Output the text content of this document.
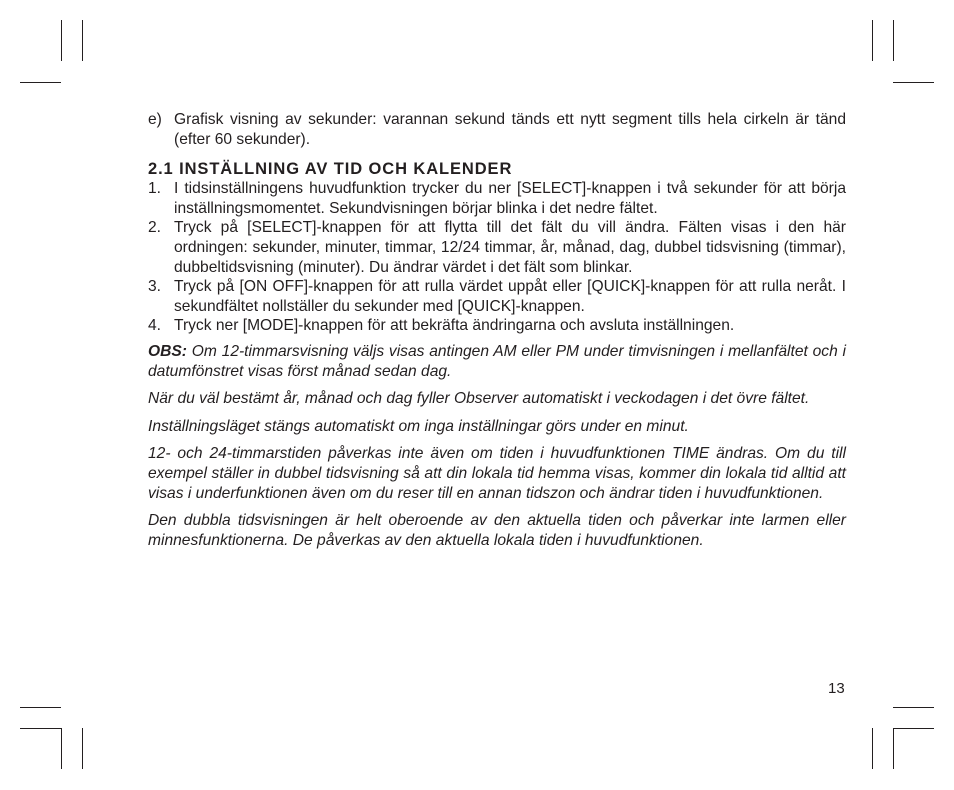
e) Grafisk visning av sekunder: varannan sekund tänds ett nytt segment tills hela cirkeln är tänd (efter 60 sekunder).
2.1 INSTÄLLNING AV TID OCH KALENDER
1. I tidsinställningens huvudfunktion trycker du ner [SELECT]-knappen i två sekunder för att börja inställningsmomentet. Sekundvisningen börjar blinka i det nedre fältet.
2. Tryck på [SELECT]-knappen för att flytta till det fält du vill ändra. Fälten visas i den här ordningen: sekunder, minuter, timmar, 12/24 timmar, år, månad, dag, dubbel tidsvisning (timmar), dubbeltidsvisning (minuter). Du ändrar värdet i det fält som blinkar.
3. Tryck på [ON OFF]-knappen för att rulla värdet uppåt eller [QUICK]-knappen för att rulla neråt. I sekundfältet nollställer du sekunder med [QUICK]-knappen.
4. Tryck ner [MODE]-knappen för att bekräfta ändringarna och avsluta inställningen.
OBS: Om 12-timmarsvisning väljs visas antingen AM eller PM under timvisningen i mellanfältet och i datumfönstret visas först månad sedan dag.
När du väl bestämt år, månad och dag fyller Observer automatiskt i veckodagen i det övre fältet.
Inställningsläget stängs automatiskt om inga inställningar görs under en minut.
12- och 24-timmarstiden påverkas inte även om tiden i huvudfunktionen TIME ändras. Om du till exempel ställer in dubbel tidsvisning så att din lokala tid hemma visas, kommer din lokala tid alltid att visas i underfunktionen även om du reser till en annan tidszon och ändrar tiden i huvudfunktionen.
Den dubbla tidsvisningen är helt oberoende av den aktuella tiden och påverkar inte larmen eller minnesfunktionerna. De påverkas av den aktuella lokala tiden i huvudfunktionen.
13
